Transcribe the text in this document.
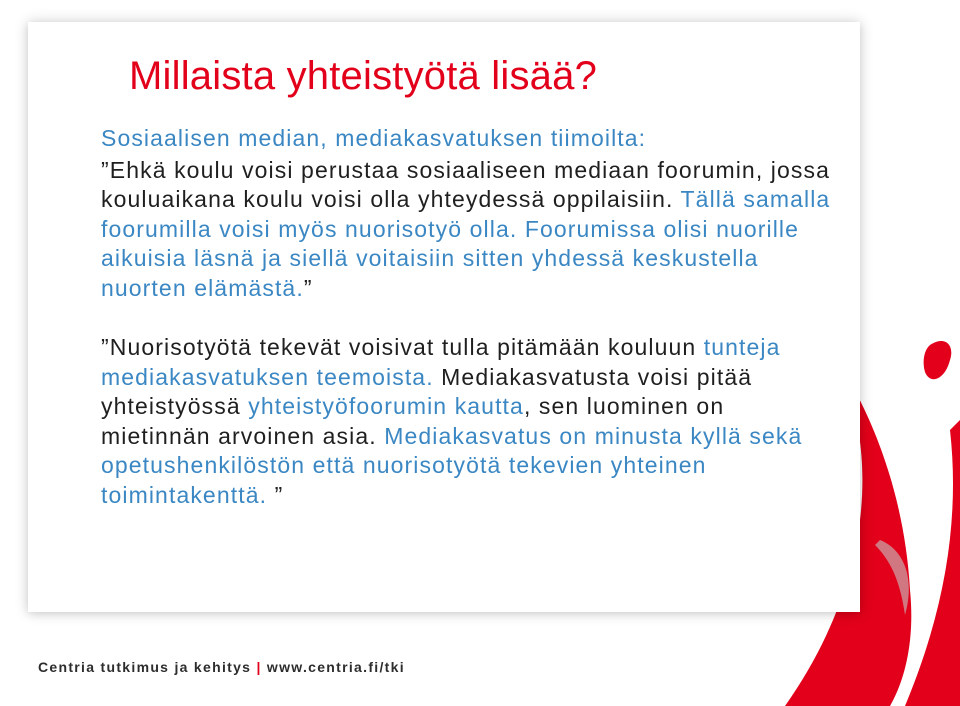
Millaista yhteistyötä lisää?

Sosiaalisen median, mediakasvatuksen tiimoilta:

”Ehkä koulu voisi perustaa sosiaaliseen mediaan foorumin, jossa kouluaikana koulu voisi olla yhteydessä oppilaisiin. Tällä samalla foorumilla voisi myös nuorisotyö olla. Foorumissa olisi nuorille aikuisia läsnä ja siellä voitaisiin sitten yhdessä keskustella nuorten elämästä.”

”Nuorisotyötä tekevät voisivat tulla pitämään kouluun tunteja mediakasvatuksen teemoista. Mediakasvatusta voisi pitää yhteistyössä yhteistyöfoorumin kautta, sen luominen on mietinnän arvoinen asia. Mediakasvatus on minusta kyllä sekä opetushenkilöstön että nuorisotyötä tekevien yhteinen toimintakenttä. ”

Centria tutkimus ja kehitys | www.centria.fi/tki
